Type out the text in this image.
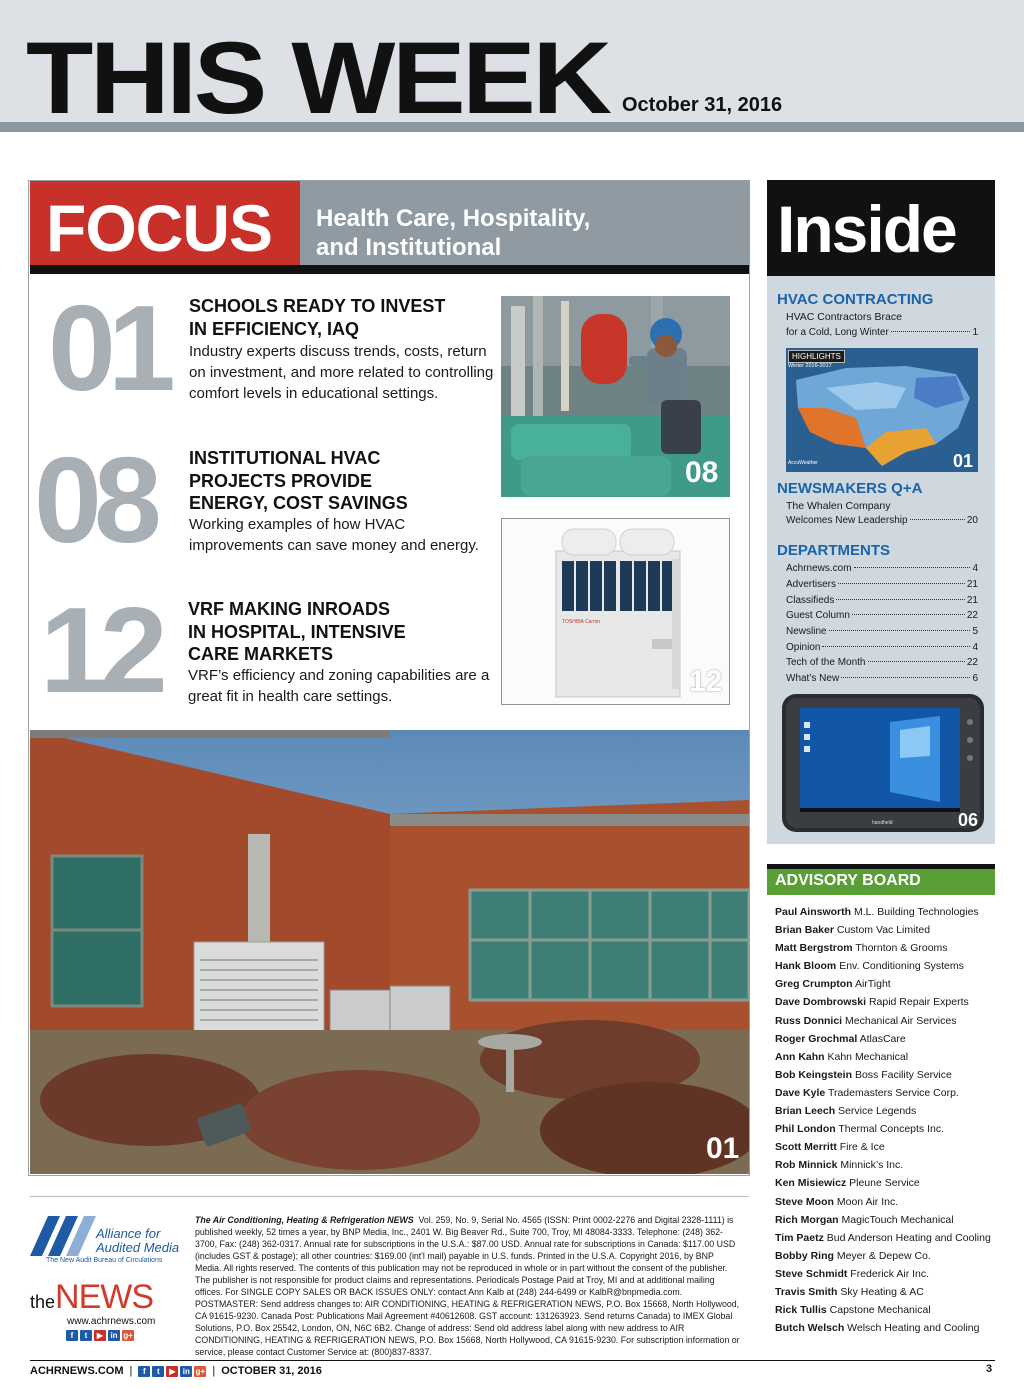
THIS WEEK October 31, 2016
FOCUS Health Care, Hospitality,
and Institutional
01 SCHOOLS READY TO INVEST
IN EFFICIENCY, IAQ
Industry experts discuss trends, costs, return
on investment, and more related to controlling
comfort levels in educational settings.
08 INSTITUTIONAL HVAC
PROJECTS PROVIDE
ENERGY, COST SAVINGS
Working examples of how HVAC
improvements can save money and energy.
12 VRF MAKING INROADS
IN HOSPITAL, INTENSIVE
CARE MARKETS
VRF’s efficiency and zoning capabilities are a
great fit in health care settings.
08
TOSHIBA Carrier
12
01
Inside
HVAC CONTRACTING
HVAC Contractors Brace
for a Cold, Long Winter	1
HIGHLIGHTS
Winter 2016-2017
AccuWeather	01
NEWSMAKERS Q+A
The Whalen Company
Welcomes New Leadership	20
DEPARTMENTS
Achrnews.com	4
Advertisers	21
Classifieds	21
Guest Column	22
Newsline	5
Opinion	4
Tech of the Month	22
What’s New	6
handheld	06
ADVISORY BOARD
Paul Ainsworth M.L. Building Technologies
Brian Baker Custom Vac Limited
Matt Bergstrom Thornton & Grooms
Hank Bloom Env. Conditioning Systems
Greg Crumpton AirTight
Dave Dombrowski Rapid Repair Experts
Russ Donnici Mechanical Air Services
Roger Grochmal AtlasCare
Ann Kahn Kahn Mechanical
Bob Keingstein Boss Facility Service
Dave Kyle Trademasters Service Corp.
Brian Leech Service Legends
Phil London Thermal Concepts Inc.
Scott Merritt Fire & Ice
Rob Minnick Minnick’s Inc.
Ken Misiewicz Pleune Service
Steve Moon Moon Air Inc.
Rich Morgan MagicTouch Mechanical
Tim Paetz Bud Anderson Heating and Cooling
Bobby Ring Meyer & Depew Co.
Steve Schmidt Frederick Air Inc.
Travis Smith Sky Heating & AC
Rick Tullis Capstone Mechanical
Butch Welsch Welsch Heating and Cooling
Alliance for
Audited Media
The New Audit Bureau of Circulations
theNEWS
www.achrnews.com
f	t	▶ in g+
The Air Conditioning, Heating & Refrigeration NEWS Vol. 259, No. 9, Serial No. 4565 (ISSN: Print 0002-2276 and Digital 2328-1111) is published weekly, 52 times a year, by BNP Media, Inc., 2401 W. Big Beaver Rd., Suite 700, Troy, MI 48084-3333. Telephone: (248) 362-3700, Fax: (248) 362-0317. Annual rate for subscriptions in the U.S.A.: $87.00 USD. Annual rate for subscriptions in Canada: $117.00 USD (includes GST & postage); all other countries: $169.00 (int'l mail) payable in U.S. funds. Printed in the U.S.A. Copyright 2016, by BNP Media. All rights reserved. The contents of this publication may not be reproduced in whole or in part without the consent of the publisher. The publisher is not responsible for product claims and representations. Periodicals Postage Paid at Troy, MI and at additional mailing offices. For SINGLE COPY SALES OR BACK ISSUES ONLY: contact Ann Kalb at (248) 244-6499 or KalbR@bnpmedia.com. POSTMASTER: Send address changes to: AIR CONDITIONING, HEATING & REFRIGERATION NEWS, P.O. Box 15668, North Hollywood, CA 91615-9230. Canada Post: Publications Mail Agreement #40612608. GST account: 131263923. Send returns Canada) to IMEX Global Solutions, P.O. Box 25542, London, ON, N6C 6B2. Change of address: Send old address label along with new address to AIR CONDITIONING, HEATING & REFRIGERATION NEWS, P.O. Box 15668, North Hollywood, CA 91615-9230. For subscription information or service, please contact Customer Service at: (800)837-8337.
ACHRNEWS.COM |	f	t	▶ in g+ | OCTOBER 31, 2016	3
